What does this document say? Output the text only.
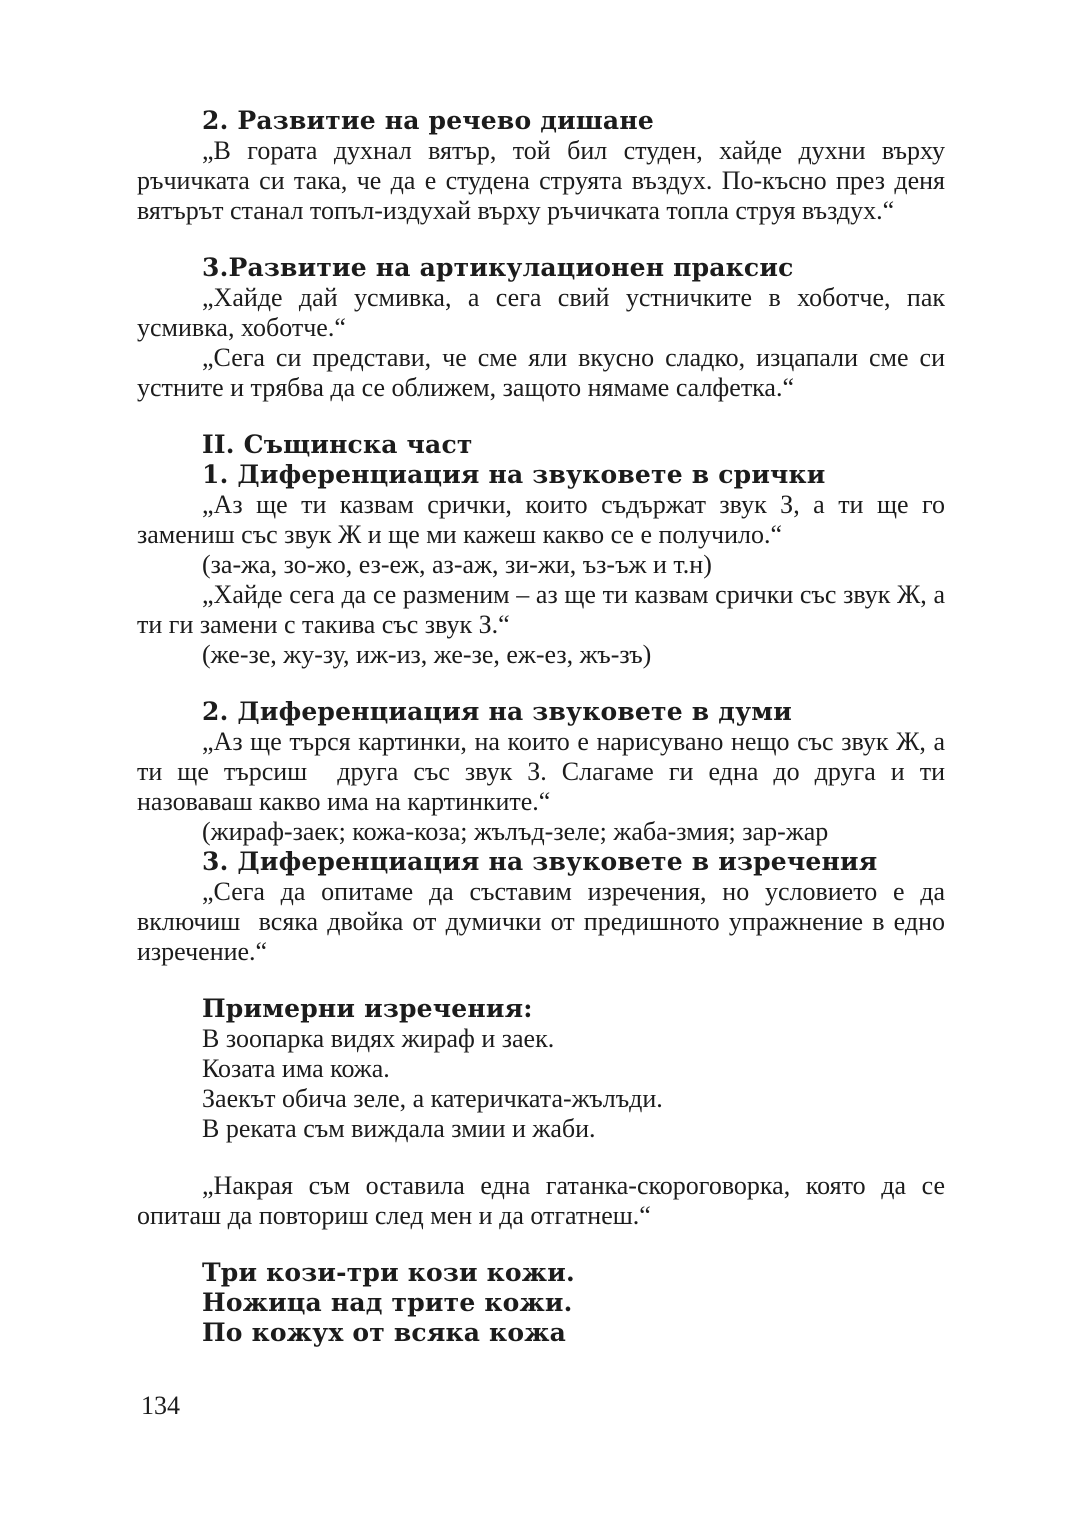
2. Развитие на речево дишане

„В гората духнал вятър, той бил студен, хайде духни върху ръчичката си така, че да е студена струята въздух. По-късно през деня вятърът станал топъл-издухай върху ръчичката топла струя въздух.“

3.Развитие на артикулационен праксис

„Хайде дай усмивка, а сега свий устничките в хоботче, пак усмивка, хоботче.“

„Сега си представи, че сме яли вкусно сладко, изцапали сме си устните и трябва да се оближем, защото нямаме салфетка.“

II. Същинска част
1. Диференциация на звуковете в срички

„Аз ще ти казвам срички, които съдържат звук З, а ти ще го замениш със звук Ж и ще ми кажеш какво се е получило.“

(за-жа, зо-жо, ез-еж, аз-аж, зи-жи, ъз-ъж и т.н)

„Хайде сега да се разменим – аз ще ти казвам срички със звук Ж, а ти ги замени с такива със звук З.“

(же-зе, жу-зу, иж-из, же-зе, еж-ез, жъ-зъ)

2. Диференциация на звуковете в думи

„Аз ще търся картинки, на които е нарисувано нещо със звук Ж, а ти ще търсиш  друга със звук З. Слагаме ги една до друга и ти назоваваш какво има на картинките.“

(жираф-заек; кожа-коза; жълъд-зеле; жаба-змия; зар-жар

3. Диференциация на звуковете в изречения

„Сега да опитаме да съставим изречения, но условието е да включиш  всяка двойка от думички от предишното упражнение в едно изречение.“

Примерни изречения:

В зоопарка видях жираф и заек.

Козата има кожа.

Заекът обича зеле, а катеричката-жълъди.

В реката съм виждала змии и жаби.

„Накрая съм оставила една гатанка-скороговорка, която да се опиташ да повториш след мен и да отгатнеш.“

Три кози-три кози кожи.

Ножица над трите кожи.

По кожух от всяка кожа

134
